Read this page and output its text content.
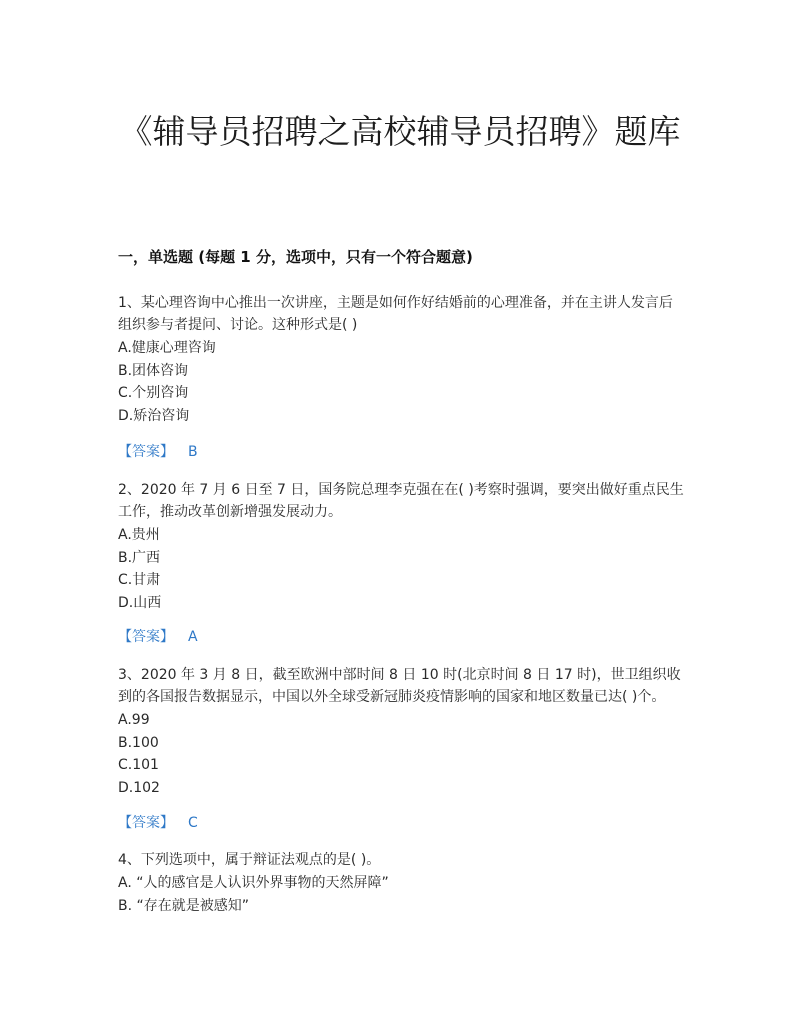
《辅导员招聘之高校辅导员招聘》题库
一，单选题 (每题 1 分，选项中，只有一个符合题意)
1、某心理咨询中心推出一次讲座，主题是如何作好结婚前的心理准备，并在主讲人发言后组织参与者提问、讨论。这种形式是( )
A.健康心理咨询
B.团体咨询
C.个别咨询
D.矫治咨询
【答案】 B
2、2020 年 7 月 6 日至 7 日，国务院总理李克强在在( )考察时强调，要突出做好重点民生工作，推动改革创新增强发展动力。
A.贵州
B.广西
C.甘肃
D.山西
【答案】 A
3、2020 年 3 月 8 日，截至欧洲中部时间 8 日 10 时(北京时间 8 日 17 时)，世卫组织收到的各国报告数据显示，中国以外全球受新冠肺炎疫情影响的国家和地区数量已达( )个。
A.99
B.100
C.101
D.102
【答案】 C
4、下列选项中，属于辩证法观点的是( )。
A. “人的感官是人认识外界事物的天然屏障”
B. “存在就是被感知”
